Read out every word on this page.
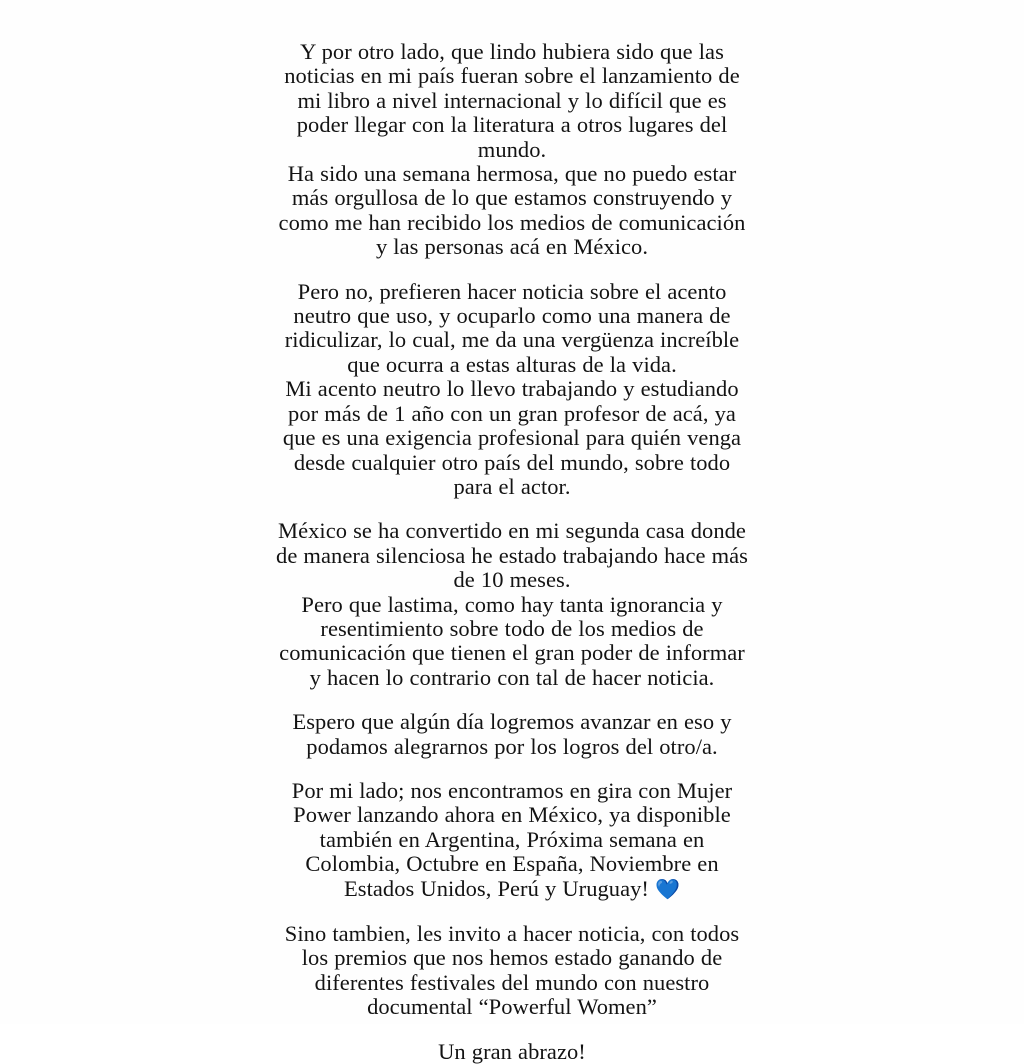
Y por otro lado, que lindo hubiera sido que las noticias en mi país fueran sobre el lanzamiento de mi libro a nivel internacional y lo difícil que es poder llegar con la literatura a otros lugares del mundo.

Ha sido una semana hermosa, que no puedo estar más orgullosa de lo que estamos construyendo y como me han recibido los medios de comunicación y las personas acá en México.

Pero no, prefieren hacer noticia sobre el acento neutro que uso, y ocuparlo como una manera de ridiculizar, lo cual, me da una vergüenza increíble que ocurra a estas alturas de la vida.

Mi acento neutro lo llevo trabajando y estudiando por más de 1 año con un gran profesor de acá, ya que es una exigencia profesional para quién venga desde cualquier otro país del mundo, sobre todo para el actor.

México se ha convertido en mi segunda casa donde de manera silenciosa he estado trabajando hace más de 10 meses.

Pero que lastima, como hay tanta ignorancia y resentimiento sobre todo de los medios de comunicación que tienen el gran poder de informar y hacen lo contrario con tal de hacer noticia.

Espero que algún día logremos avanzar en eso y podamos alegrarnos por los logros del otro/a.

Por mi lado; nos encontramos en gira con Mujer Power lanzando ahora en México, ya disponible también en Argentina, Próxima semana en Colombia, Octubre en España, Noviembre en Estados Unidos, Perú y Uruguay! 💙

Sino tambien, les invito a hacer noticia, con todos los premios que nos hemos estado ganando de diferentes festivales del mundo con nuestro documental “Powerful Women”

Un gran abrazo!
